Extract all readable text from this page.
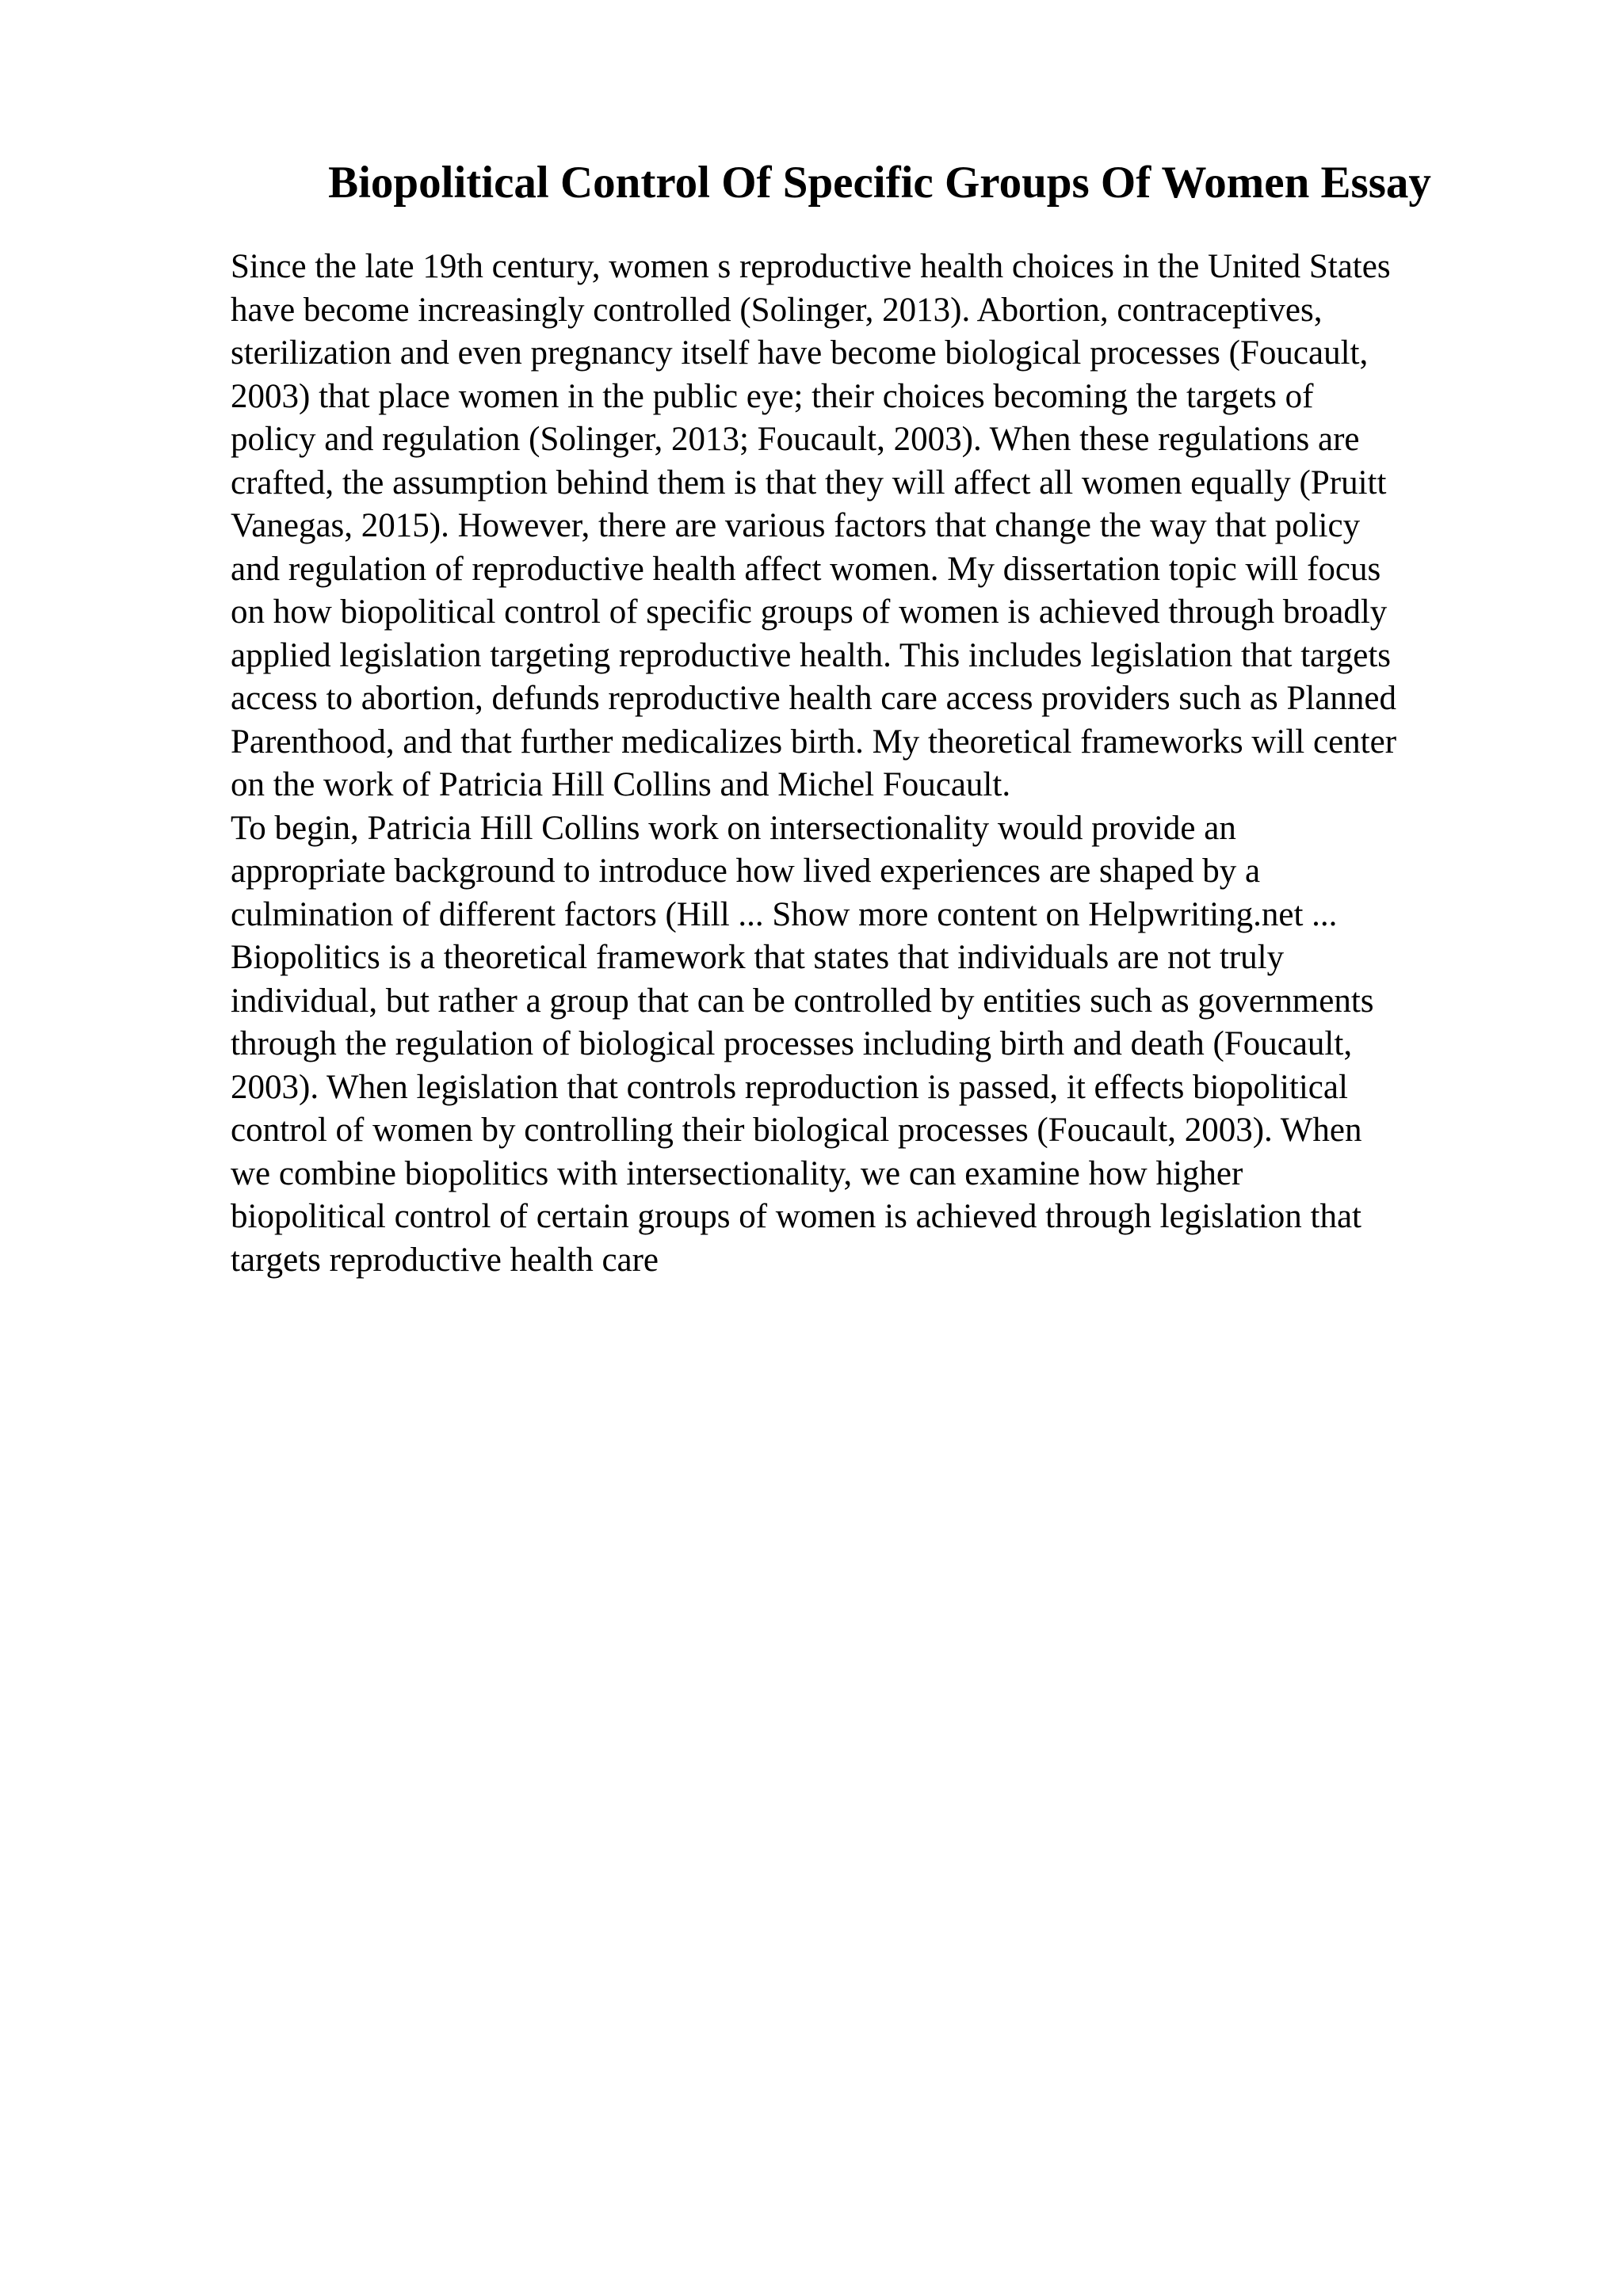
Biopolitical Control Of Specific Groups Of Women Essay
Since the late 19th century, women s reproductive health choices in the United States
have become increasingly controlled (Solinger, 2013). Abortion, contraceptives,
sterilization and even pregnancy itself have become biological processes (Foucault,
2003) that place women in the public eye; their choices becoming the targets of
policy and regulation (Solinger, 2013; Foucault, 2003). When these regulations are
crafted, the assumption behind them is that they will affect all women equally (Pruitt
Vanegas, 2015). However, there are various factors that change the way that policy
and regulation of reproductive health affect women. My dissertation topic will focus
on how biopolitical control of specific groups of women is achieved through broadly
applied legislation targeting reproductive health. This includes legislation that targets
access to abortion, defunds reproductive health care access providers such as Planned
Parenthood, and that further medicalizes birth. My theoretical frameworks will center
on the work of Patricia Hill Collins and Michel Foucault.
To begin, Patricia Hill Collins work on intersectionality would provide an
appropriate background to introduce how lived experiences are shaped by a
culmination of different factors (Hill ... Show more content on Helpwriting.net ...
Biopolitics is a theoretical framework that states that individuals are not truly
individual, but rather a group that can be controlled by entities such as governments
through the regulation of biological processes including birth and death (Foucault,
2003). When legislation that controls reproduction is passed, it effects biopolitical
control of women by controlling their biological processes (Foucault, 2003). When
we combine biopolitics with intersectionality, we can examine how higher
biopolitical control of certain groups of women is achieved through legislation that
targets reproductive health care
